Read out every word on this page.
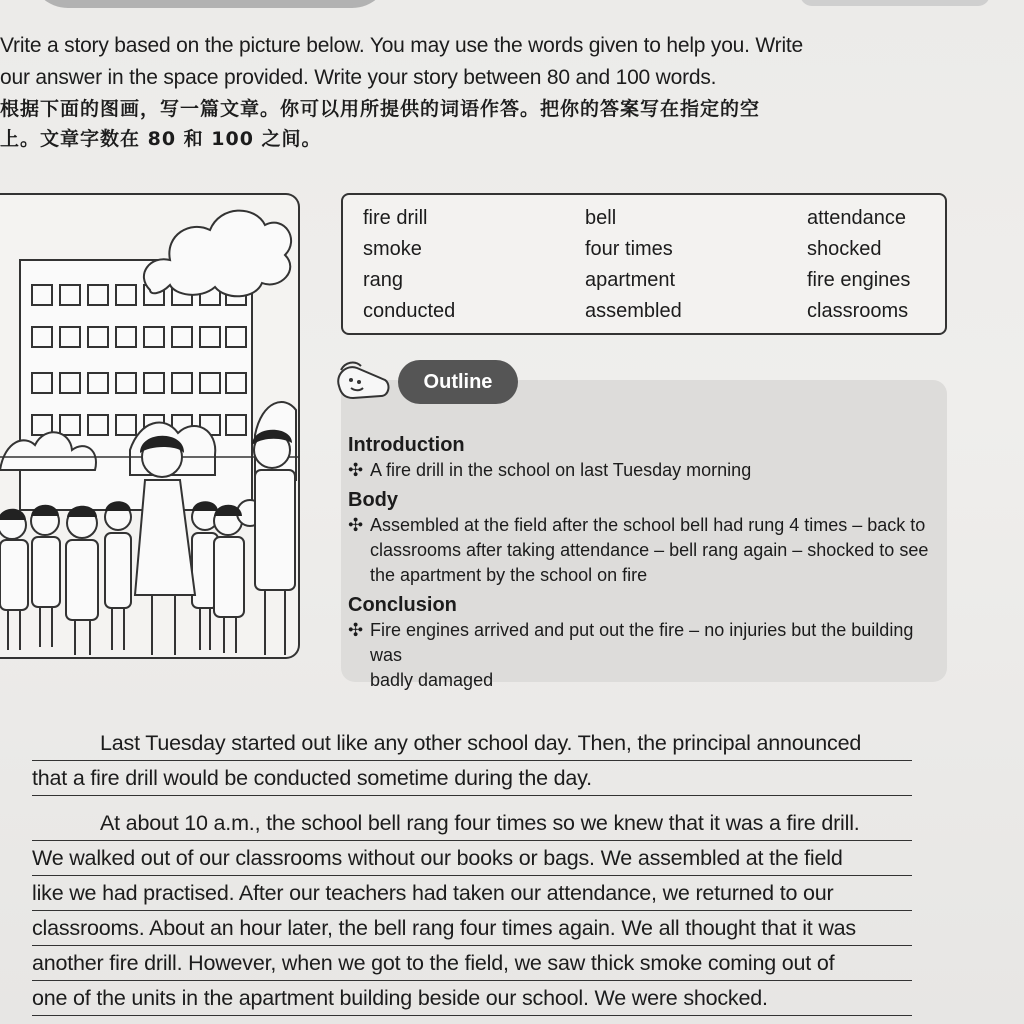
Vrite a story based on the picture below. You may use the words given to help you. Write

our answer in the space provided. Write your story between 80 and 100 words.

根据下面的图画，写一篇文章。你可以用所提供的词语作答。把你的答案写在指定的空

上。文章字数在 80 和 100 之间。

fire drill
smoke
rang
conducted
bell
four times
apartment
assembled
attendance
shocked
fire engines
classrooms
Outline
Introduction
✣ A fire drill in the school on last Tuesday morning
Body
✣ Assembled at the field after the school bell had rung 4 times – back to
classrooms after taking attendance – bell rang again – shocked to see
the apartment by the school on fire
Conclusion
✣ Fire engines arrived and put out the fire – no injuries but the building was
badly damaged
Last Tuesday started out like any other school day. Then, the principal announced
that a fire drill would be conducted sometime during the day.
At about 10 a.m., the school bell rang four times so we knew that it was a fire drill.
We walked out of our classrooms without our books or bags. We assembled at the field
like we had practised. After our teachers had taken our attendance, we returned to our
classrooms. About an hour later, the bell rang four times again. We all thought that it was
another fire drill. However, when we got to the field, we saw thick smoke coming out of
one of the units in the apartment building beside our school. We were shocked.
